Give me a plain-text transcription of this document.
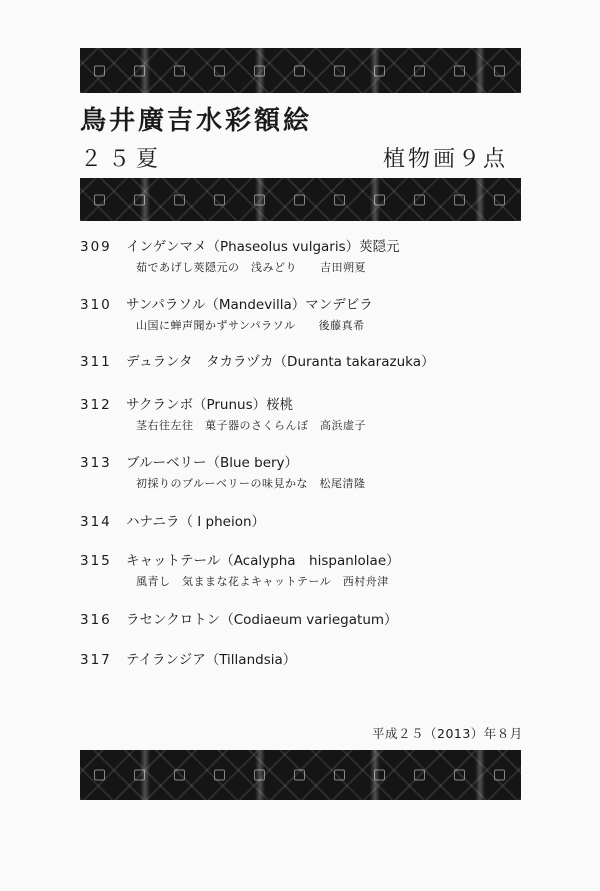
鳥井廣吉水彩額絵
２５夏	植物画９点
309 インゲンマメ（Phaseolus vulgaris）莢隠元
茹であげし莢隠元の　浅みどり　　吉田朔夏
310 サンパラソル（Mandevilla）マンデビラ
山国に蝉声聞かずサンパラソル　　後藤真希
311 デュランタ　タカラヅカ（Duranta takarazuka）
312 サクランボ（Prunus）桜桃
茎右往左往　菓子器のさくらんぼ　高浜虚子
313 ブルーベリー（Blue bery）
初採りのブルーベリーの味見かな　松尾清隆
314 ハナニラ（ I pheion）
315 キャットテール（Acalypha　hispanlolae）
風青し　気ままな花よキャットテール　西村舟津
316 ラセンクロトン（Codiaeum variegatum）
317 テイランジア（Tillandsia）
平成２５（2013）年８月
